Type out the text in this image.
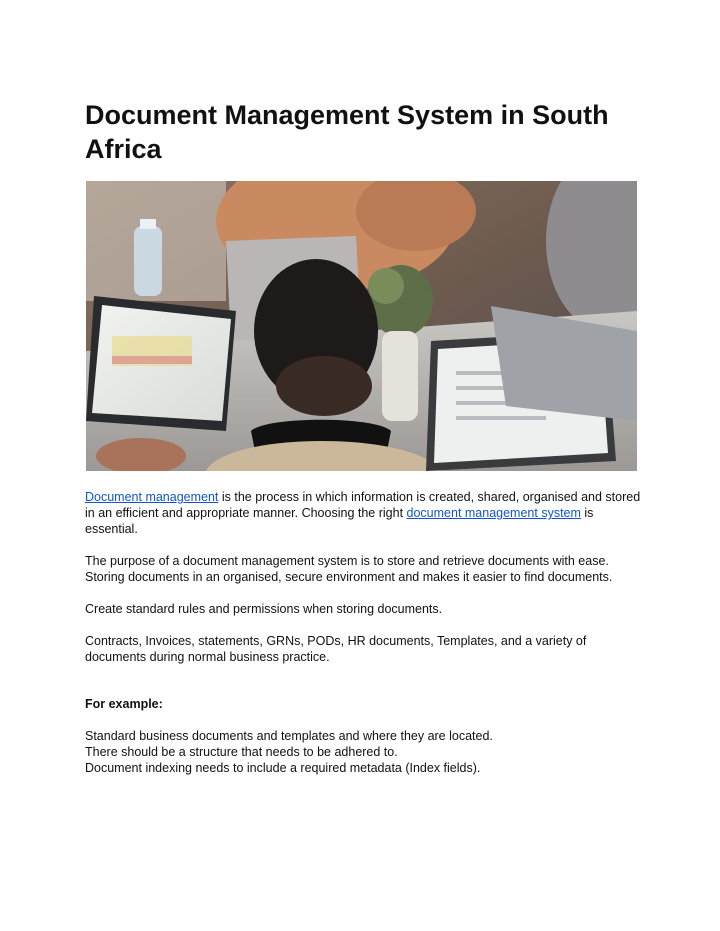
Document Management System in South Africa

Document management is the process in which information is created, shared, organised and stored in an efficient and appropriate manner. Choosing the right document management system is essential.

The purpose of a document management system is to store and retrieve documents with ease. Storing documents in an organised, secure environment and makes it easier to find documents.

Create standard rules and permissions when storing documents.

Contracts, Invoices, statements, GRNs, PODs, HR documents, Templates, and a variety of documents during normal business practice.

For example:

Standard business documents and templates and where they are located.
There should be a structure that needs to be adhered to.
Document indexing needs to include a required metadata (Index fields).
